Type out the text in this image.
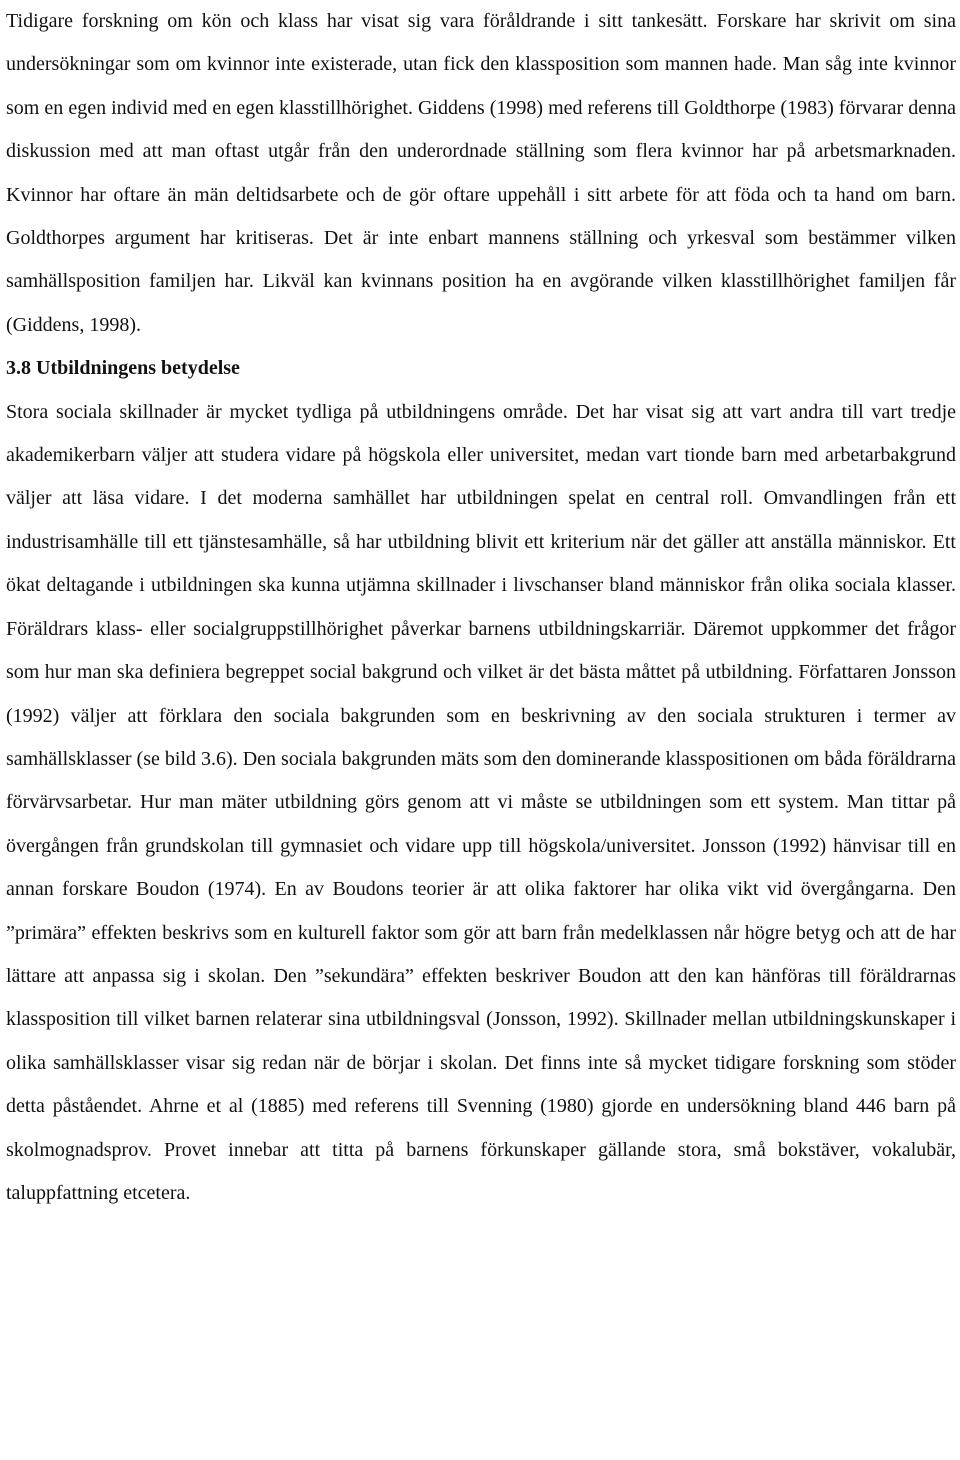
Tidigare forskning om kön och klass har visat sig vara föråldrande i sitt tankesätt. Forskare har skrivit om sina undersökningar som om kvinnor inte existerade, utan fick den klassposition som mannen hade. Man såg inte kvinnor som en egen individ med en egen klasstillhörighet. Giddens (1998) med referens till Goldthorpe (1983) förvarar denna diskussion med att man oftast utgår från den underordnade ställning som flera kvinnor har på arbetsmarknaden. Kvinnor har oftare än män deltidsarbete och de gör oftare uppehåll i sitt arbete för att föda och ta hand om barn. Goldthorpes argument har kritiseras. Det är inte enbart mannens ställning och yrkesval som bestämmer vilken samhällsposition familjen har. Likväl kan kvinnans position ha en avgörande vilken klasstillhörighet familjen får (Giddens, 1998).

3.8 Utbildningens betydelse

Stora sociala skillnader är mycket tydliga på utbildningens område. Det har visat sig att vart andra till vart tredje akademikerbarn väljer att studera vidare på högskola eller universitet, medan vart tionde barn med arbetarbakgrund väljer att läsa vidare. I det moderna samhället har utbildningen spelat en central roll. Omvandlingen från ett industrisamhälle till ett tjänstesamhälle, så har utbildning blivit ett kriterium när det gäller att anställa människor. Ett ökat deltagande i utbildningen ska kunna utjämna skillnader i livschanser bland människor från olika sociala klasser. Föräldrars klass- eller socialgruppstillhörighet påverkar barnens utbildningskarriär. Däremot uppkommer det frågor som hur man ska definiera begreppet social bakgrund och vilket är det bästa måttet på utbildning. Författaren Jonsson (1992) väljer att förklara den sociala bakgrunden som en beskrivning av den sociala strukturen i termer av samhällsklasser (se bild 3.6). Den sociala bakgrunden mäts som den dominerande klasspositionen om båda föräldrarna förvärvsarbetar. Hur man mäter utbildning görs genom att vi måste se utbildningen som ett system. Man tittar på övergången från grundskolan till gymnasiet och vidare upp till högskola/universitet. Jonsson (1992) hänvisar till en annan forskare Boudon (1974). En av Boudons teorier är att olika faktorer har olika vikt vid övergångarna. Den ”primära” effekten beskrivs som en kulturell faktor som gör att barn från medelklassen når högre betyg och att de har lättare att anpassa sig i skolan. Den ”sekundära” effekten beskriver Boudon att den kan hänföras till föräldrarnas klassposition till vilket barnen relaterar sina utbildningsval (Jonsson, 1992). Skillnader mellan utbildningskunskaper i olika samhällsklasser visar sig redan när de börjar i skolan. Det finns inte så mycket tidigare forskning som stöder detta påståendet. Ahrne et al (1885) med referens till Svenning (1980) gjorde en undersökning bland 446 barn på skolmognadsprov. Provet innebar att titta på barnens förkunskaper gällande stora, små bokstäver, vokalubär, taluppfattning etcetera.
